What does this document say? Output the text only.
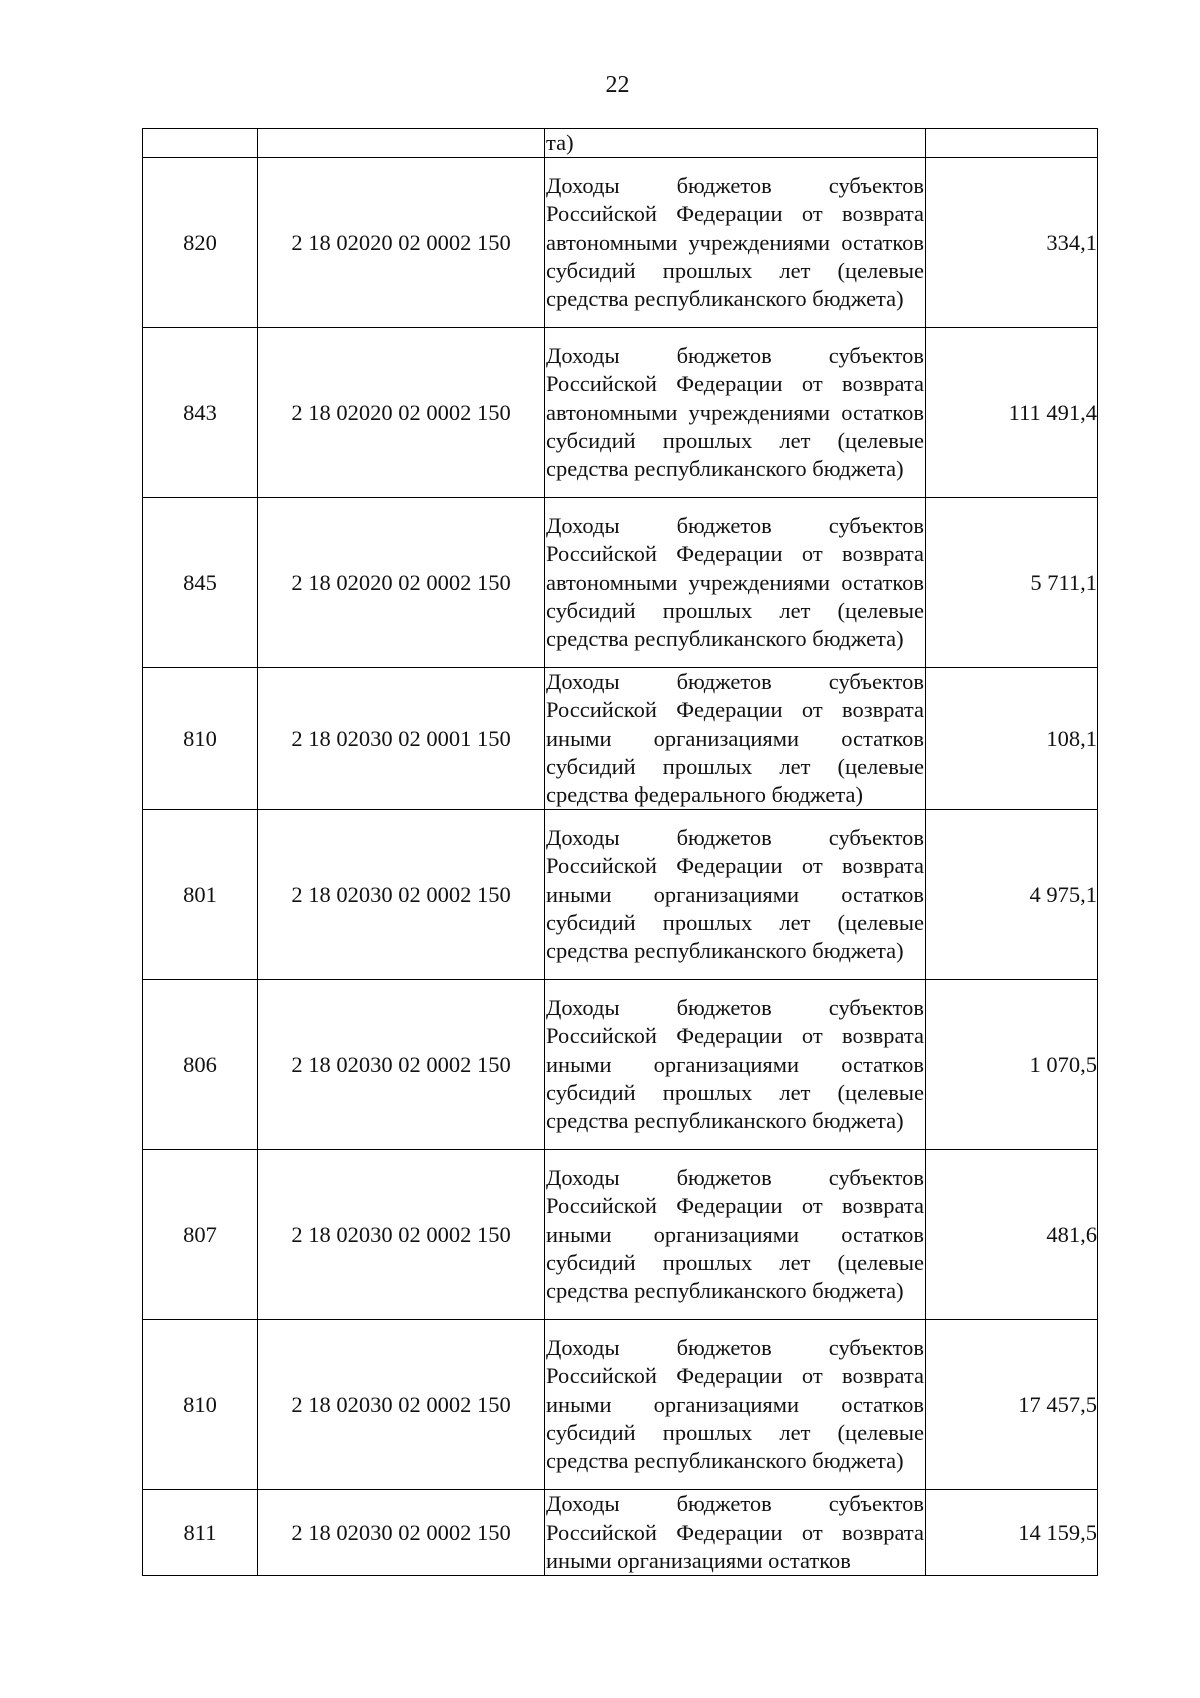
22

		та)	

820	2 18 02020 02 0002 150	Доходы бюджетов субъектов Российской Федерации от возврата автономными учреждениями остатков субсидий прошлых лет (целевые средства республиканского бюджета)	334,1
843	2 18 02020 02 0002 150	Доходы бюджетов субъектов Российской Федерации от возврата автономными учреждениями остатков субсидий прошлых лет (целевые средства республиканского бюджета)	111 491,4
845	2 18 02020 02 0002 150	Доходы бюджетов субъектов Российской Федерации от возврата автономными учреждениями остатков субсидий прошлых лет (целевые средства республиканского бюджета)	5 711,1
810	2 18 02030 02 0001 150	Доходы бюджетов субъектов Российской Федерации от возврата иными организациями остатков субсидий прошлых лет (целевые средства федерального бюджета)	108,1
801	2 18 02030 02 0002 150	Доходы бюджетов субъектов Российской Федерации от возврата иными организациями остатков субсидий прошлых лет (целевые средства республиканского бюджета)	4 975,1
806	2 18 02030 02 0002 150	Доходы бюджетов субъектов Российской Федерации от возврата иными организациями остатков субсидий прошлых лет (целевые средства республиканского бюджета)	1 070,5
807	2 18 02030 02 0002 150	Доходы бюджетов субъектов Российской Федерации от возврата иными организациями остатков субсидий прошлых лет (целевые средства республиканского бюджета)	481,6
810	2 18 02030 02 0002 150	Доходы бюджетов субъектов Российской Федерации от возврата иными организациями остатков субсидий прошлых лет (целевые средства республиканского бюджета)	17 457,5
811	2 18 02030 02 0002 150	Доходы бюджетов субъектов Российской Федерации от возврата иными организациями остатков	14 159,5
